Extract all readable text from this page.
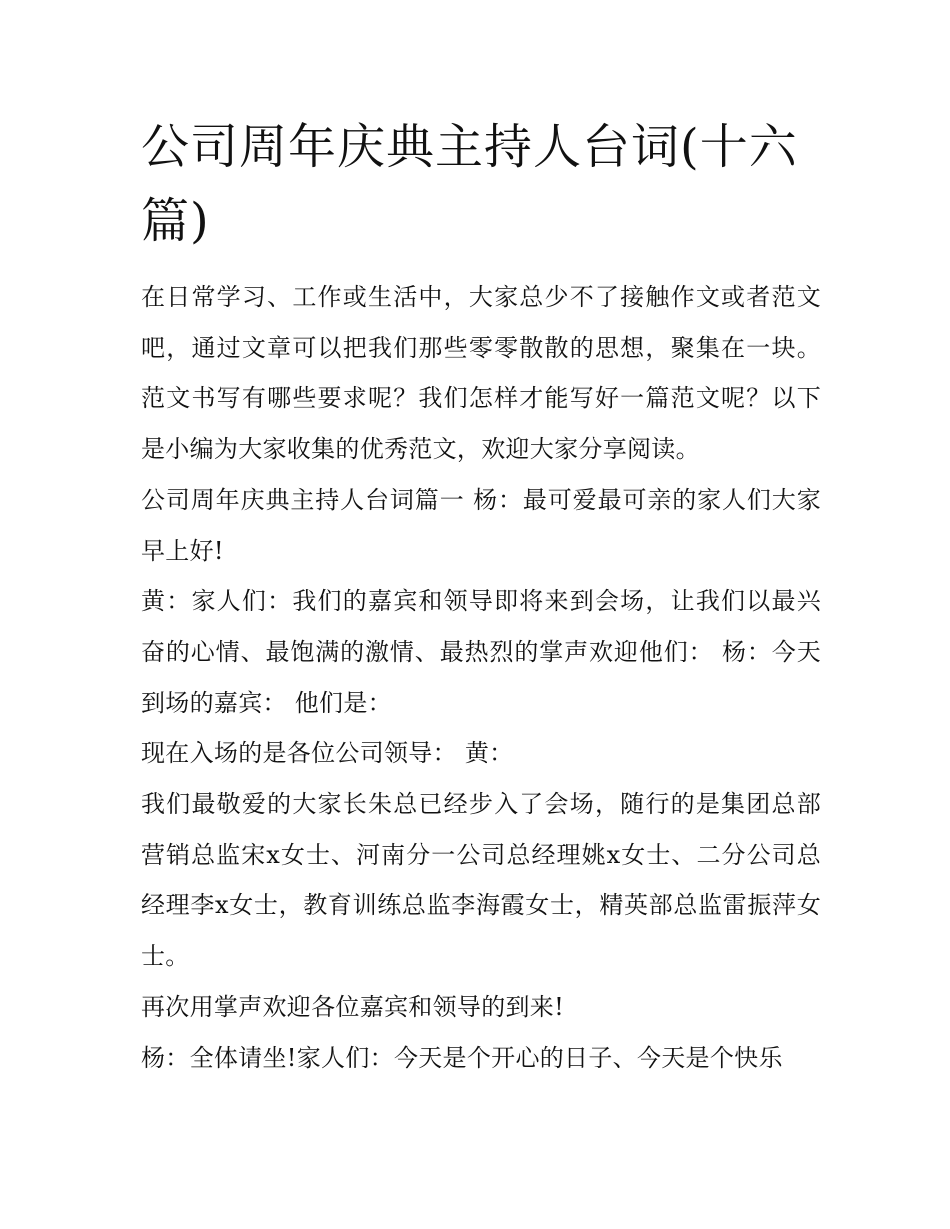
公司周年庆典主持人台词(十六篇)

在日常学习、工作或生活中，大家总少不了接触作文或者范文吧，通过文章可以把我们那些零零散散的思想，聚集在一块。范文书写有哪些要求呢？我们怎样才能写好一篇范文呢？以下是小编为大家收集的优秀范文，欢迎大家分享阅读。

公司周年庆典主持人台词篇一 杨：最可爱最可亲的家人们大家早上好!

黄：家人们：我们的嘉宾和领导即将来到会场，让我们以最兴奋的心情、最饱满的激情、最热烈的掌声欢迎他们： 杨：今天到场的嘉宾： 他们是：

现在入场的是各位公司领导： 黄：

我们最敬爱的大家长朱总已经步入了会场，随行的是集团总部营销总监宋x女士、河南分一公司总经理姚x女士、二分公司总经理李x女士，教育训练总监李海霞女士，精英部总监雷振萍女士。

再次用掌声欢迎各位嘉宾和领导的到来!

杨：全体请坐!家人们：今天是个开心的日子、今天是个快乐
